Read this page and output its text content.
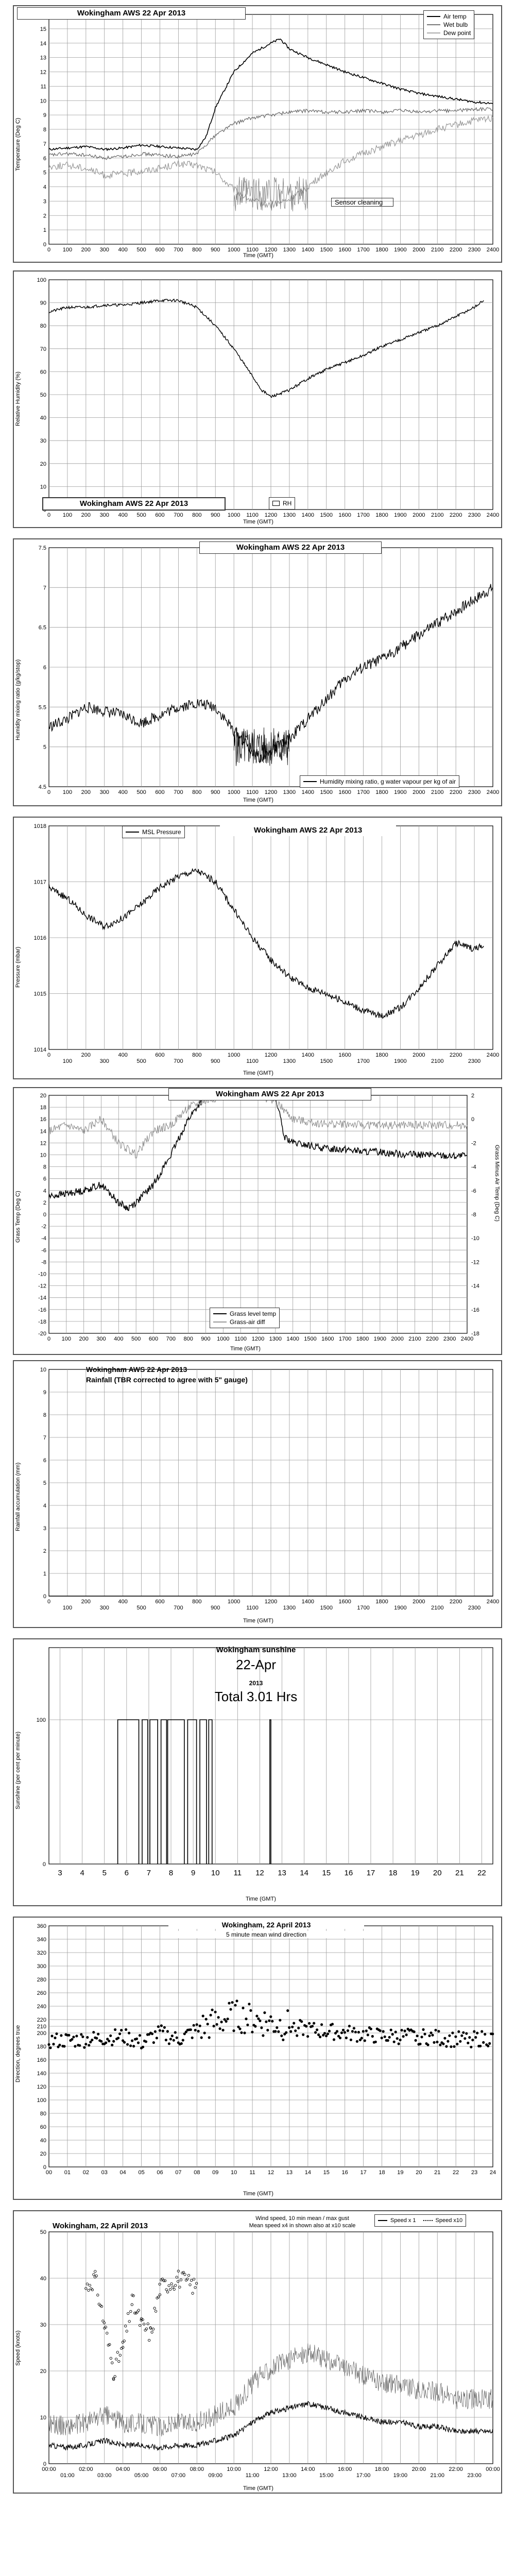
0 100 200 300 400 500 600 700 800 900 1000 1100 1200 1300 1400 1500 1600 1700 1800 1900 2000 2100 2200 2300 2400
0
1
2
3
4
5
6
7
8
9
10
11
12
13
14
15
Wokingham AWS 22 Apr 2013	Air temp
Wet bulb
Dew point
Sensor cleaning
Time (GMT)
Temperature (Deg C)
0 100 200 300 400 500 600 700 800 900 1000 1100 1200 1300 1400 1500 1600 1700 1800 1900 2000 2100 2200 2300 2400
10
20
30
40
50
60
70
80
90
100
Wokingham AWS 22 Apr 2013	RH
Time (GMT)
Relative Humidity (%)
0 100 200 300 400 500 600 700 800 900 1000 1100 1200 1300 1400 1500 1600 1700 1800 1900 2000 2100 2200 2300 2400
4.5
5
5.5
6
6.5
7
7.5	Wokingham AWS 22 Apr 2013
Humidity mixing ratio, g water vapour per kg of air
Time (GMT)
Humidity mixing ratio (g/kg/stop)
0
100
200
300
400
500
600
700
800
900
1000
1100
1200
1300
1400
1500
1600
1700
1800
1900
2000
2100
2200
2300
2400
1014
1015
1016
1017
1018
MSL Pressure	Wokingham AWS 22 Apr 2013
Time (GMT)
Pressure (mbar)
0 100 200 300 400 500 600 700 800 900 1000 1100 1200 1300 1400 1500 1600 1700 1800 1900 2000 2100 2200 2300 2400
-20
-18
-16
-14
-12
-10
-8
-6
-4
-2
0
2
4
6
8
10
12
14
16
18
20
-18
-16
-14
-12
-10
-8
-6
-4
-2
0
2
Wokingham AWS 22 Apr 2013
Grass level temp
Grass-air diff
Time (GMT)
Grass Temp (Deg C)	Grass Minus Air Temp (Deg C)
0
100
200
300
400
500
600
700
800
900
1000
1100
1200
1300
1400
1500
1600
1700
1800
1900
2000
2100
2200
2300
2400
0
1
2
3
4
5
6
7
8
9
10	Wokingham AWS 22 Apr 2013
Rainfall (TBR corrected to agree with 5" gauge)
Time (GMT)
Rainfall accumulation (mm)
3 4 5 6 7 8 9 10 11 12 13 14 15 16 17 18 19 20 21 22
0
100
Wokingham sunshine
22-Apr
2013
Total 3.01 Hrs
Time (GMT)
Sunshine (per cent per minute)
00 01 02 03 04 05 06 07 08 09 10 11 12 13 14 15 16 17 18 19 20 21 22 23 24
0
20
40
60
80
100
120
140
160
180
200
210
220
240
260
280
300
320
340
360	Wokingham, 22 April 2013
5 minute mean wind direction
Time (GMT)
Direction, degrees true
00:00
01:00
02:00
03:00
04:00
05:00
06:00
07:00
08:00
09:00
10:00
11:00
12:00
13:00
14:00
15:00
16:00
17:00
18:00
19:00
20:00
21:00
22:00
23:00
00:00
0
10
20
30
40
50
Wokingham, 22 April 2013
Wind speed, 10 min mean / max gust
Mean speed x4 in shown also at x10 scale
Speed x 1	Speed x10
Time (GMT)
Speed (knots)
